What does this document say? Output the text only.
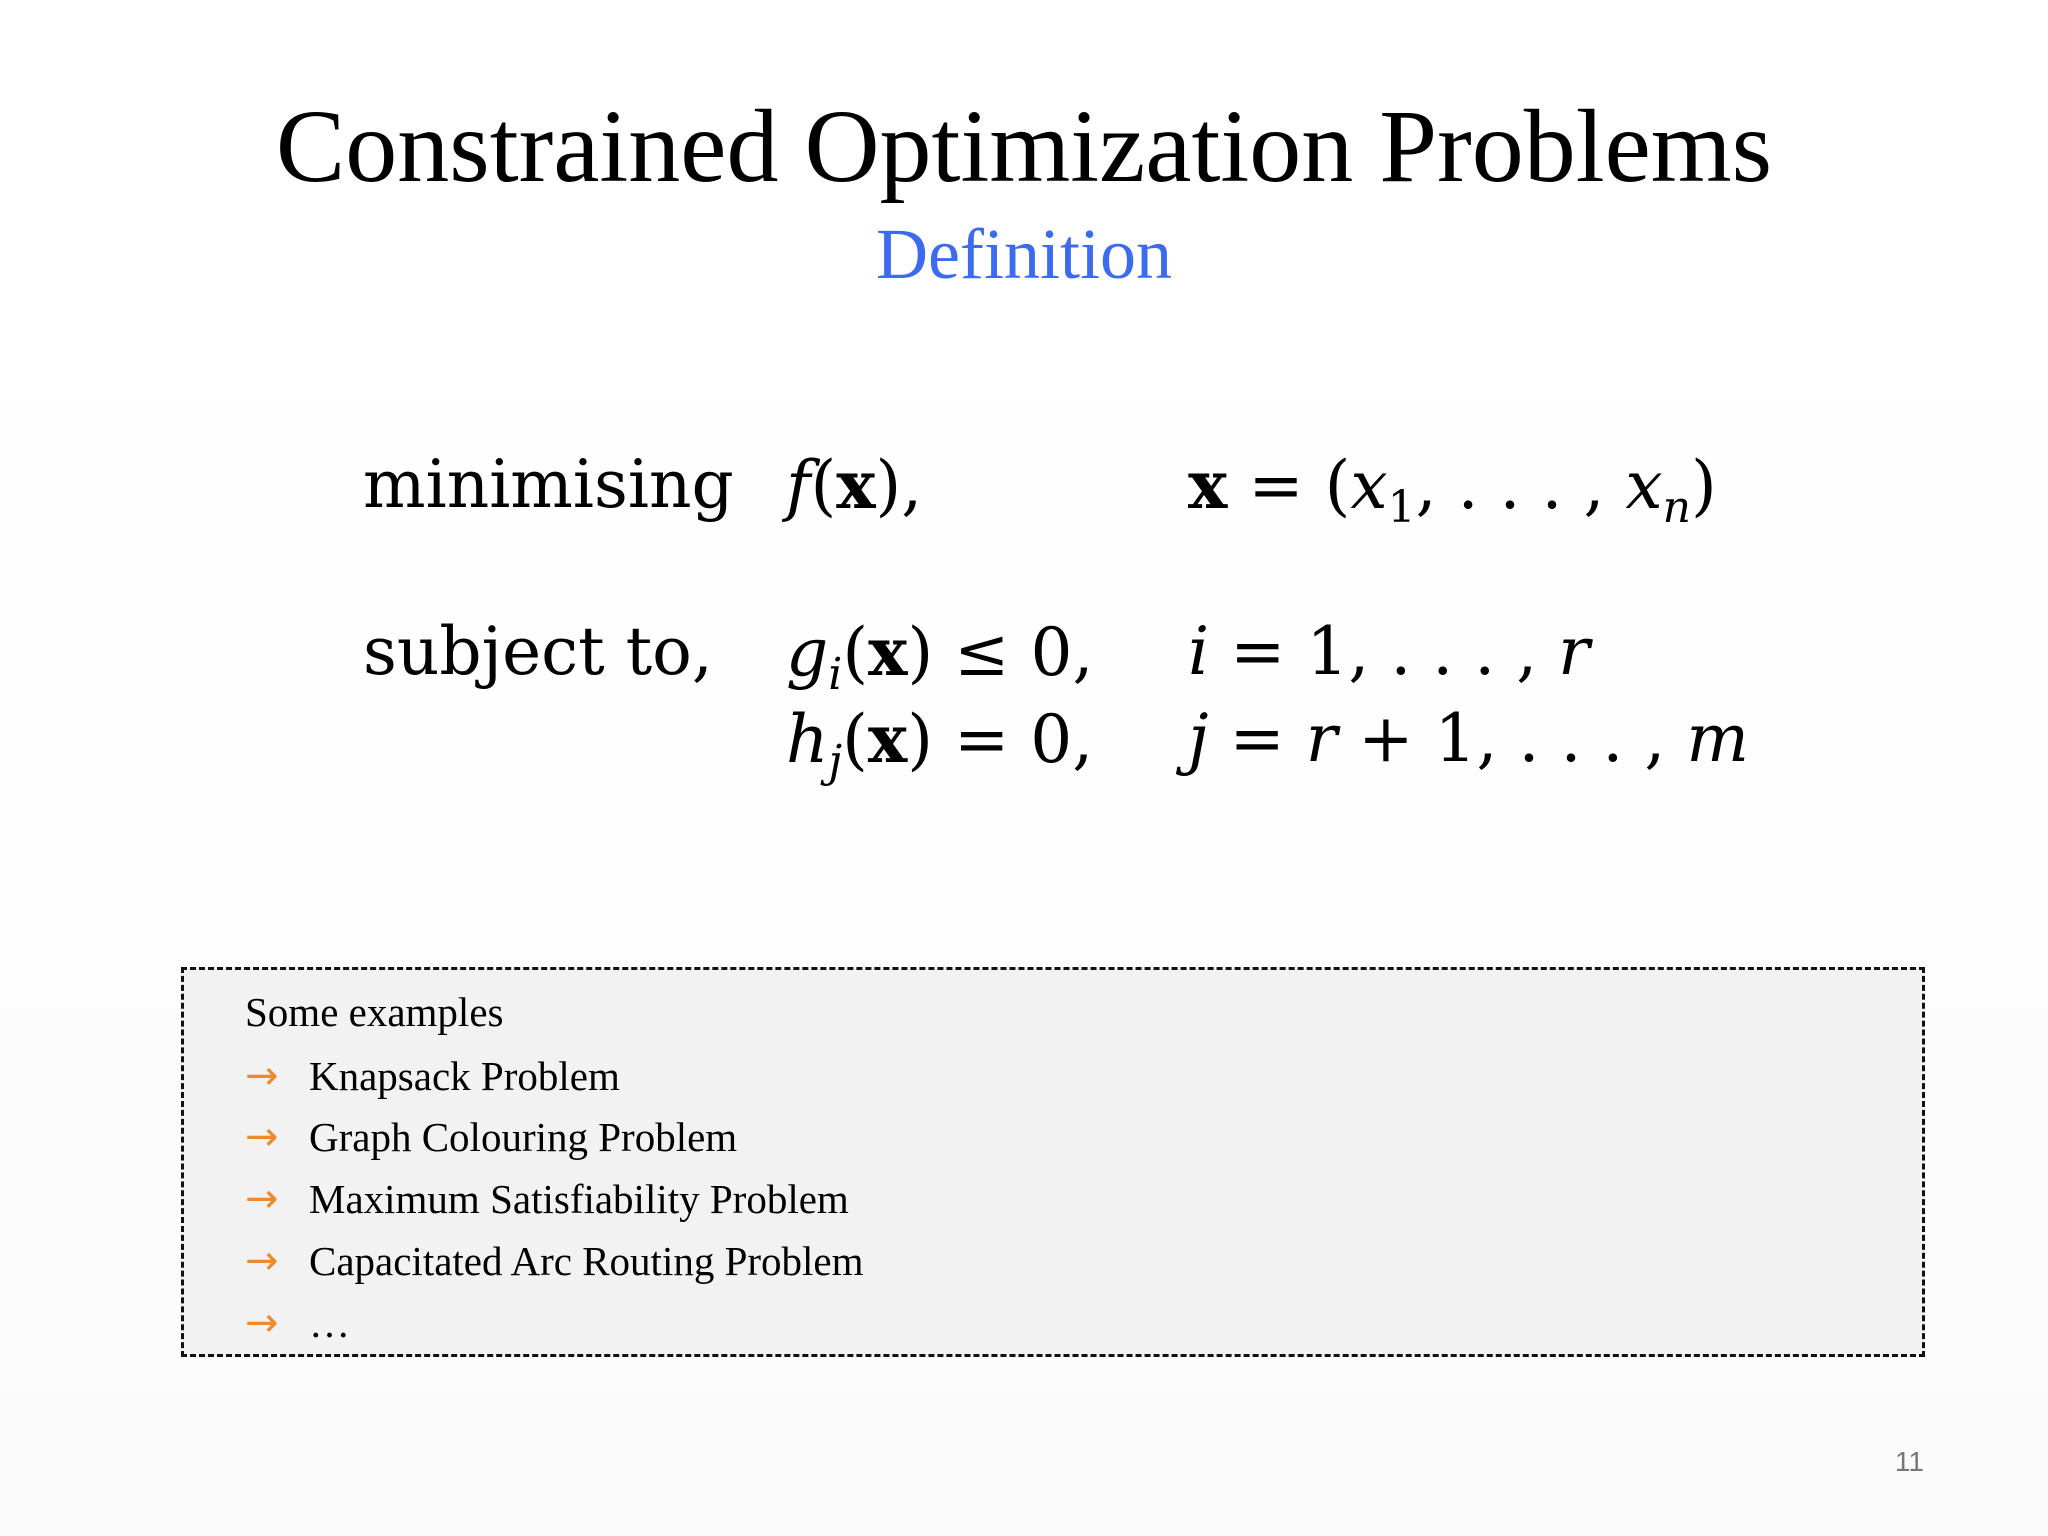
Constrained Optimization Problems
Definition
minimising f(x),	$x = (x_1$, . . . , $x_n$)
subject to, $g_i(x) \le 0$, i = 1, . . . , r
$h_j(x) = 0$, j = r + 1, . . . , m
Some examples
→ Knapsack Problem
→ Graph Colouring Problem
→ Maximum Satisfiability Problem
→ Capacitated Arc Routing Problem
→ …
11
